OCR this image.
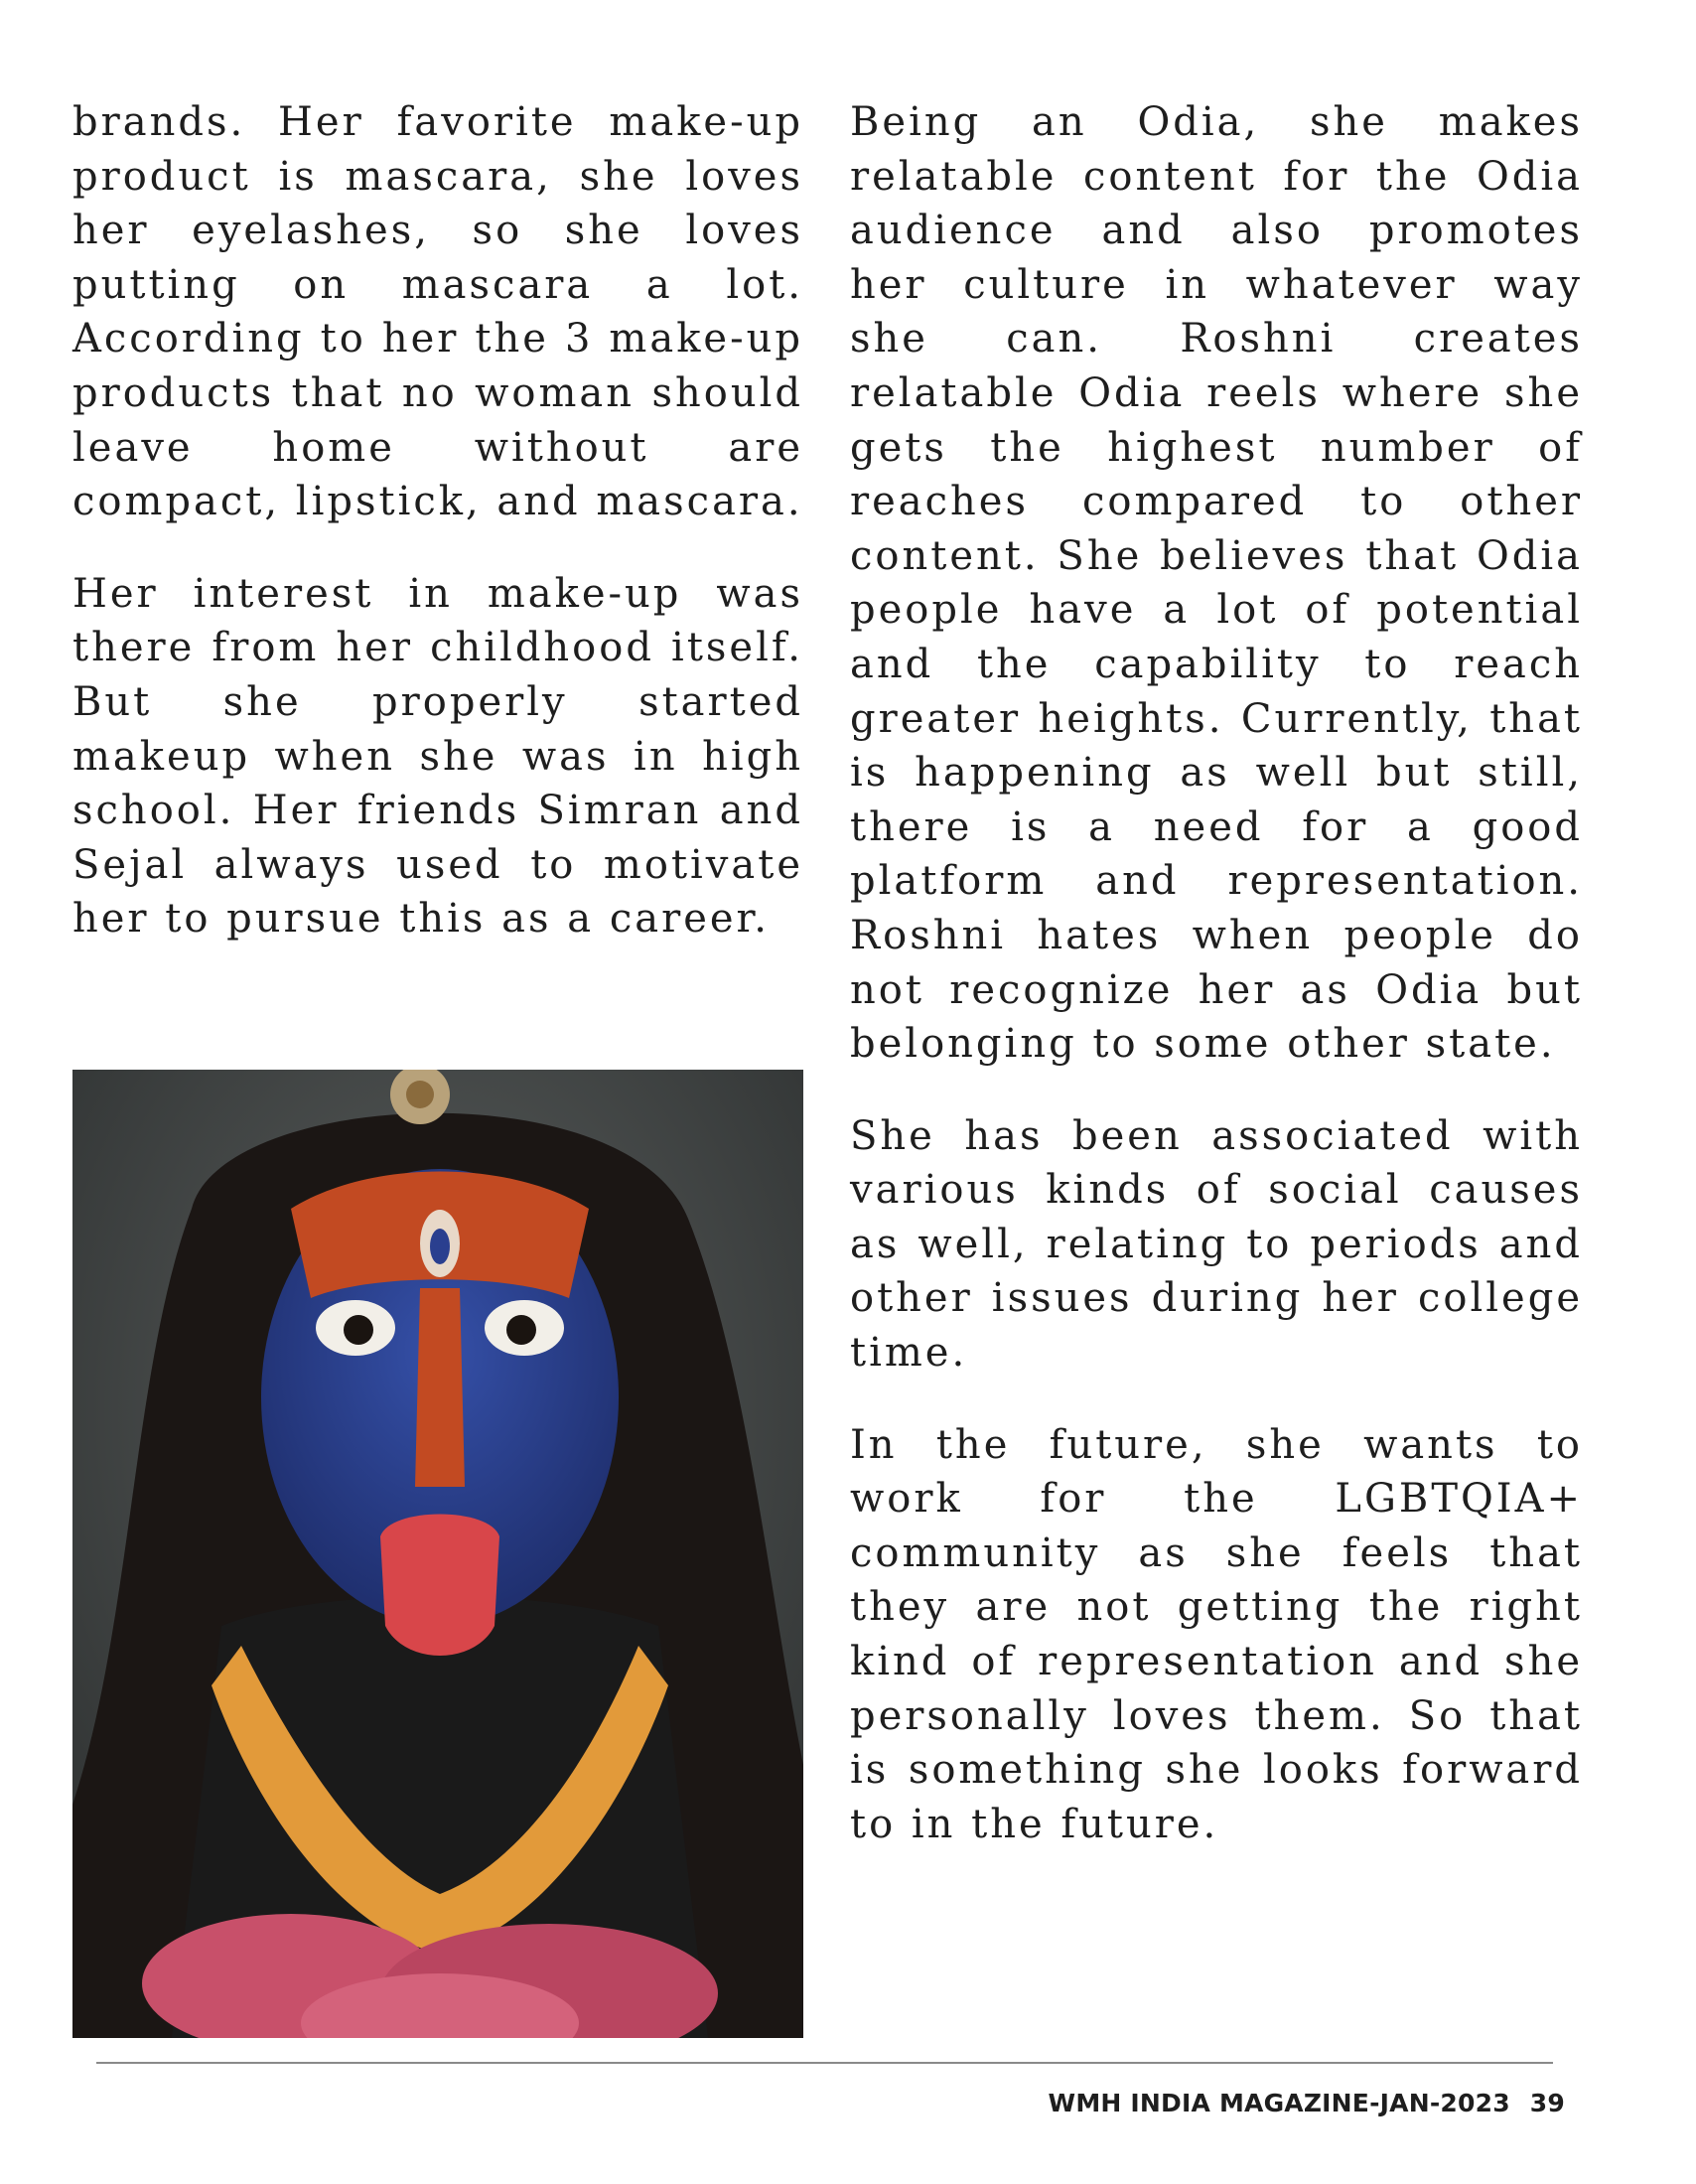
brands. Her favorite make-up product is mascara, she loves her eyelashes, so she loves putting on mascara a lot. According to her the 3 make-up products that no woman should leave home without are compact, lipstick, and mascara.

Her interest in make-up was there from her childhood itself. But she properly started makeup when she was in high school. Her friends Simran and Sejal always used to motivate her to pursue this as a career.

Being an Odia, she makes relatable content for the Odia audience and also promotes her culture in whatever way she can. Roshni creates relatable Odia reels where she gets the highest number of reaches compared to other content. She believes that Odia people have a lot of potential and the capability to reach greater heights. Currently, that is happening as well but still, there is a need for a good platform and representation. Roshni hates when people do not recognize her as Odia but belonging to some other state.

She has been associated with various kinds of social causes as well, relating to periods and other issues during her college time.

In the future, she wants to work for the LGBTQIA+ community as she feels that they are not getting the right kind of representation and she personally loves them. So that is something she looks forward to in the future.

WMH INDIA MAGAZINE-JAN-2023 39
